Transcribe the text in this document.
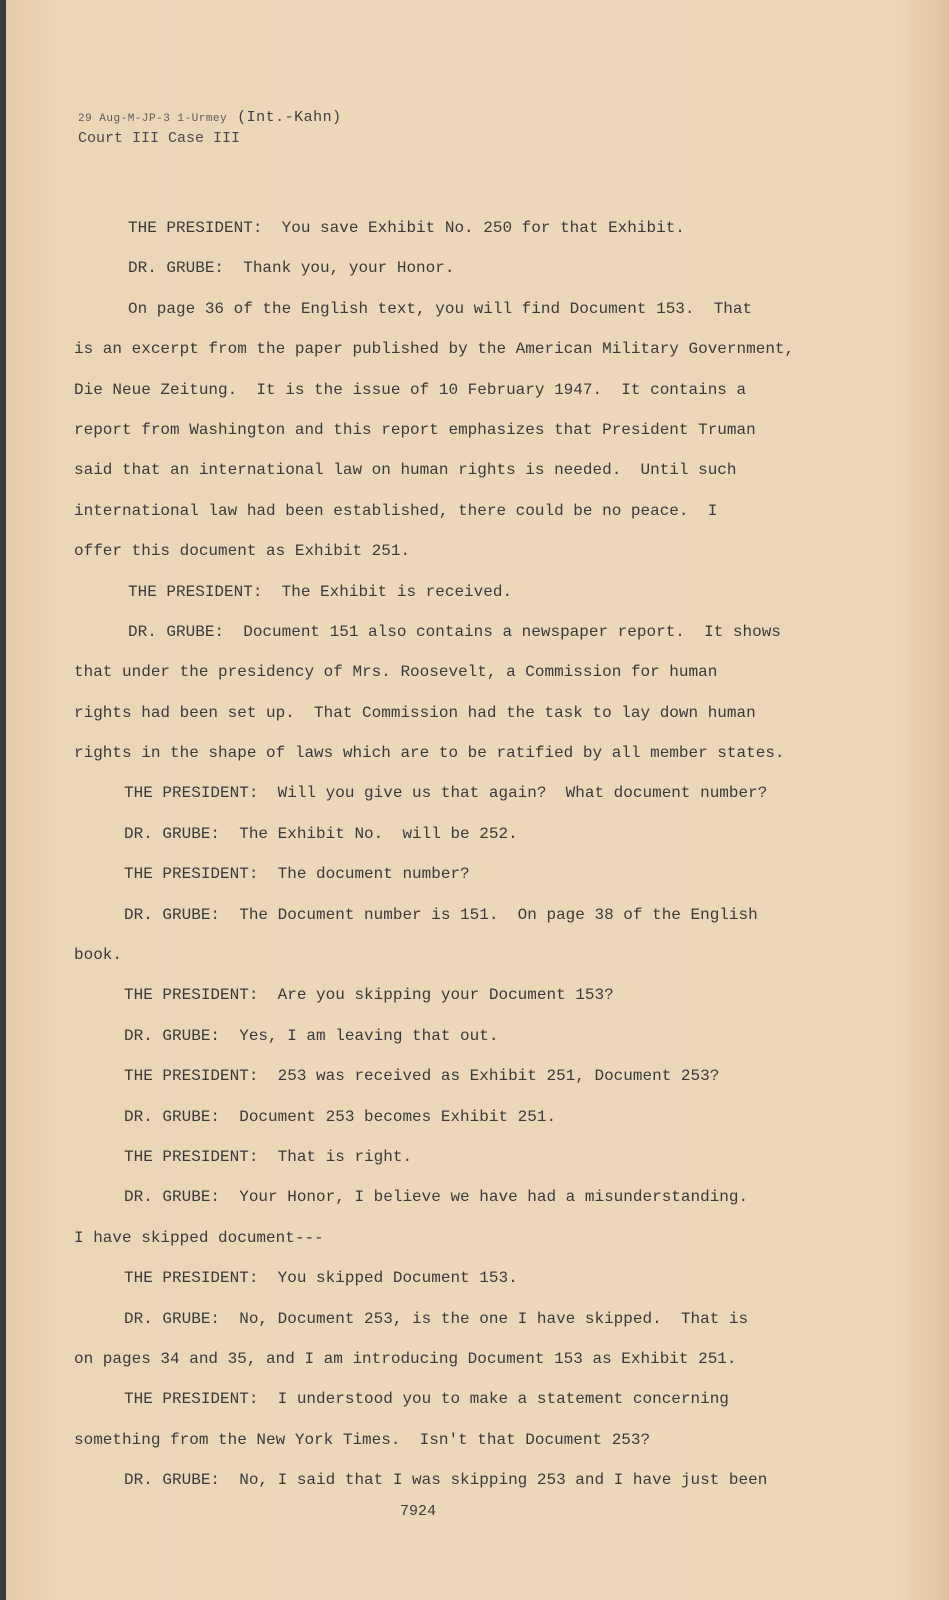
29 Aug-M-JP-3 1-Urmey (Int.-Kahn)
Court III Case III
THE PRESIDENT:  You save Exhibit No. 250 for that Exhibit.
DR. GRUBE:  Thank you, your Honor.
On page 36 of the English text, you will find Document 153.  That
is an excerpt from the paper published by the American Military Government,
Die Neue Zeitung.  It is the issue of 10 February 1947.  It contains a
report from Washington and this report emphasizes that President Truman
said that an international law on human rights is needed.  Until such
international law had been established, there could be no peace.  I
offer this document as Exhibit 251.
THE PRESIDENT:  The Exhibit is received.
DR. GRUBE:  Document 151 also contains a newspaper report.  It shows
that under the presidency of Mrs. Roosevelt, a Commission for human
rights had been set up.  That Commission had the task to lay down human
rights in the shape of laws which are to be ratified by all member states.
THE PRESIDENT:  Will you give us that again?  What document number?
DR. GRUBE:  The Exhibit No.  will be 252.
THE PRESIDENT:  The document number?
DR. GRUBE:  The Document number is 151.  On page 38 of the English
book.
THE PRESIDENT:  Are you skipping your Document 153?
DR. GRUBE:  Yes, I am leaving that out.
THE PRESIDENT:  253 was received as Exhibit 251, Document 253?
DR. GRUBE:  Document 253 becomes Exhibit 251.
THE PRESIDENT:  That is right.
DR. GRUBE:  Your Honor, I believe we have had a misunderstanding.
I have skipped document---
THE PRESIDENT:  You skipped Document 153.
DR. GRUBE:  No, Document 253, is the one I have skipped.  That is
on pages 34 and 35, and I am introducing Document 153 as Exhibit 251.
THE PRESIDENT:  I understood you to make a statement concerning
something from the New York Times.  Isn't that Document 253?
DR. GRUBE:  No, I said that I was skipping 253 and I have just been
7924
